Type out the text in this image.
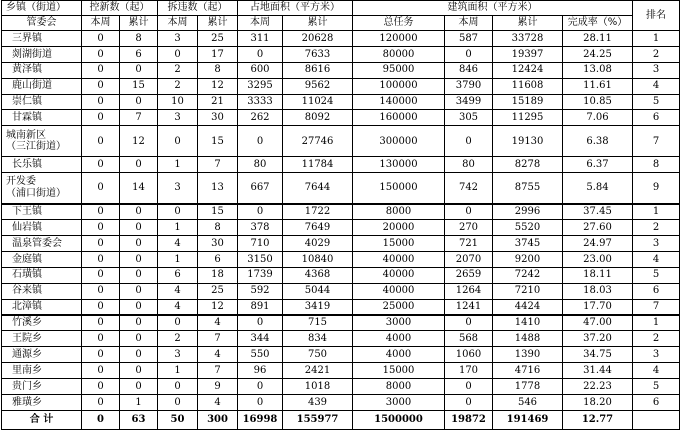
乡镇（街道）	控新数（起）		拆违数（起）		占地面积（平方米）		建筑面积（平方米）				排名
管委会	本周	累计	本周	累计	本周	累计	总任务	本周	累计	完成率（%）	
三界镇	0	8	3	25	311	20628	120000	587	33728	28.11	1
剡湖街道	0	6	0	17	0	7633	80000	0	19397	24.25	2
黄泽镇	0	0	2	8	600	8616	95000	846	12424	13.08	3
鹿山街道	0	15	2	12	3295	9562	100000	3790	11608	11.61	4
崇仁镇	0	0	10	21	3333	11024	140000	3499	15189	10.85	5
甘霖镇	0	7	3	30	262	8092	160000	305	11295	7.06	6
城南新区
（三江街道）	0	12	0	15	0	27746	300000	0	19130	6.38	7
长乐镇	0	0	1	7	80	11784	130000	80	8278	6.37	8
开发委
（浦口街道）	0	14	3	13	667	7644	150000	742	8755	5.84	9
下王镇	0	0	0	15	0	1722	8000	0	2996	37.45	1
仙岩镇	0	0	1	8	378	7649	20000	270	5520	27.60	2
温泉管委会	0	0	4	30	710	4029	15000	721	3745	24.97	3
金庭镇	0	0	1	6	3150	10840	40000	2070	9200	23.00	4
石璜镇	0	0	6	18	1739	4368	40000	2659	7242	18.11	5
谷来镇	0	0	4	25	592	5044	40000	1264	7210	18.03	6
北漳镇	0	0	4	12	891	3419	25000	1241	4424	17.70	7
竹溪乡	0	0	0	4	0	715	3000	0	1410	47.00	1
王院乡	0	0	2	7	344	834	4000	568	1488	37.20	2
通源乡	0	0	3	4	550	750	4000	1060	1390	34.75	3
里南乡	0	0	1	7	96	2421	15000	170	4716	31.44	4
贵门乡	0	0	0	9	0	1018	8000	0	1778	22.23	5
雅璜乡	0	1	0	4	0	439	3000	0	546	18.20	6
合 计	0	63	50	300	16998	155977	1500000	19872	191469	12.77	
